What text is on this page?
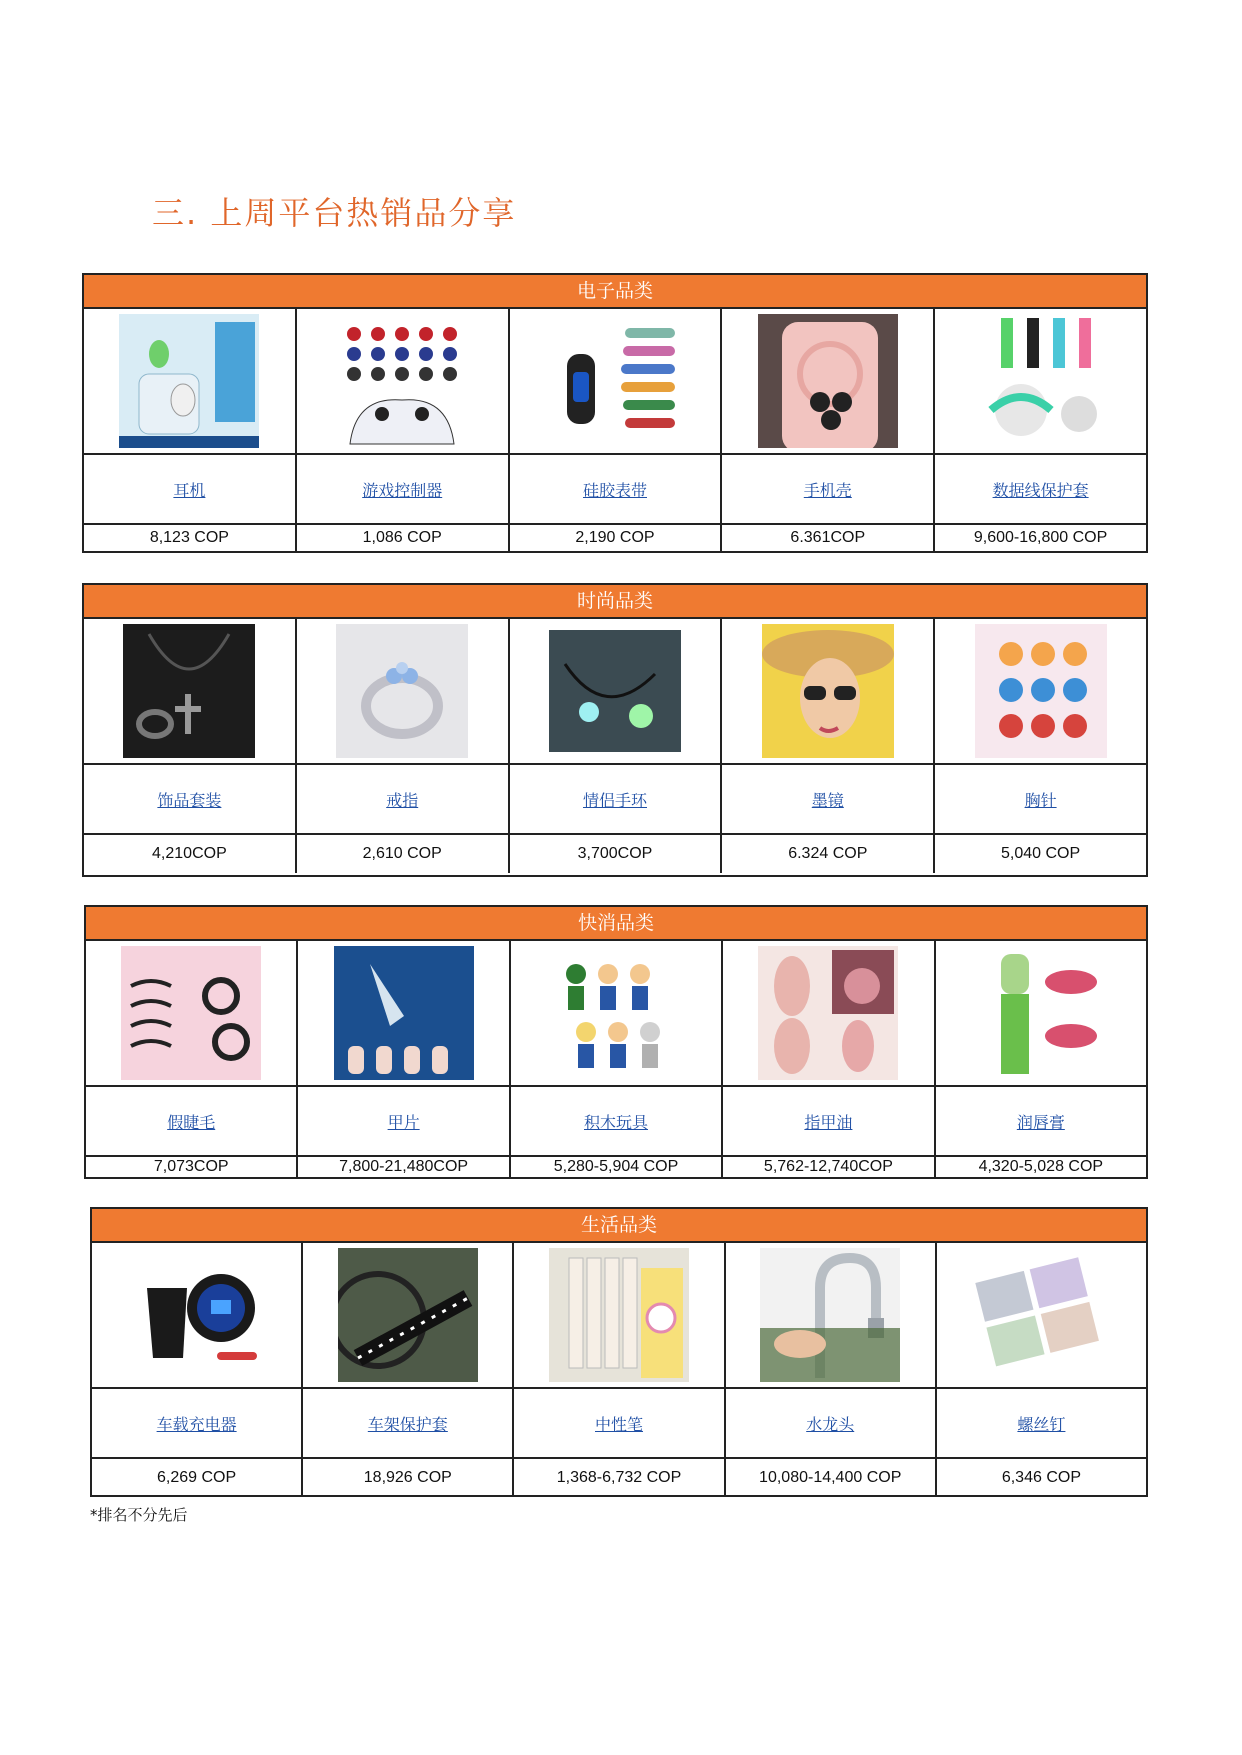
三. 上周平台热销品分享
电子品类
耳机	游戏控制器	硅胶表带	手机壳	数据线保护套
8,123 COP	1,086 COP	2,190 COP	6.361COP	9,600-16,800 COP
时尚品类
饰品套装	戒指	情侣手环	墨镜	胸针
4,210COP	2,610 COP	3,700COP	6.324 COP	5,040 COP
快消品类
假睫毛	甲片	积木玩具	指甲油	润唇膏
7,073COP	7,800-21,480COP	5,280-5,904 COP	5,762-12,740COP	4,320-5,028 COP
生活品类
车载充电器	车架保护套	中性笔	水龙头	螺丝钉
6,269 COP	18,926 COP	1,368-6,732 COP	10,080-14,400 COP	6,346 COP

*排名不分先后
